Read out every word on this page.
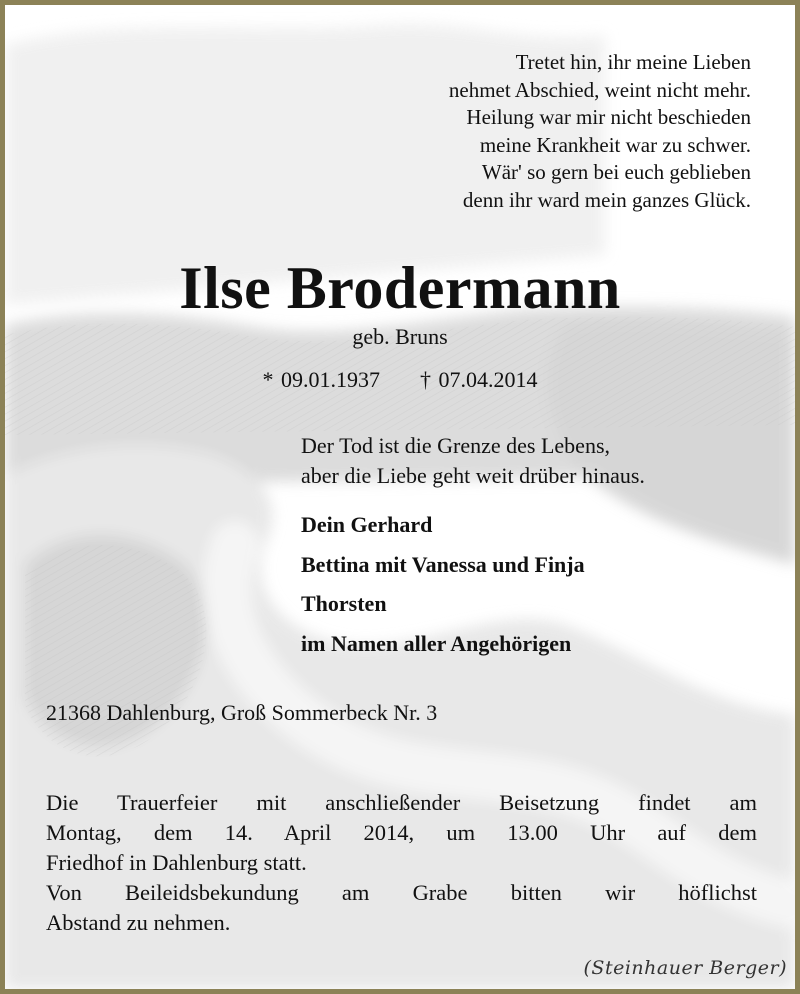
Tretet hin, ihr meine Lieben
nehmet Abschied, weint nicht mehr.
Heilung war mir nicht beschieden
meine Krankheit war zu schwer.
Wär' so gern bei euch geblieben
denn ihr ward mein ganzes Glück.
Ilse Brodermann
geb. Bruns
* 09.01.1937 † 07.04.2014
Der Tod ist die Grenze des Lebens,
aber die Liebe geht weit drüber hinaus.
Dein Gerhard
Bettina mit Vanessa und Finja
Thorsten
im Namen aller Angehörigen
21368 Dahlenburg, Groß Sommerbeck Nr. 3
Die Trauerfeier mit anschließender Beisetzung findet am
Montag, dem 14. April 2014, um 13.00 Uhr auf dem
Friedhof in Dahlenburg statt.
Von Beileidsbekundung am Grabe bitten wir höflichst
Abstand zu nehmen.
(Steinhauer Berger)
